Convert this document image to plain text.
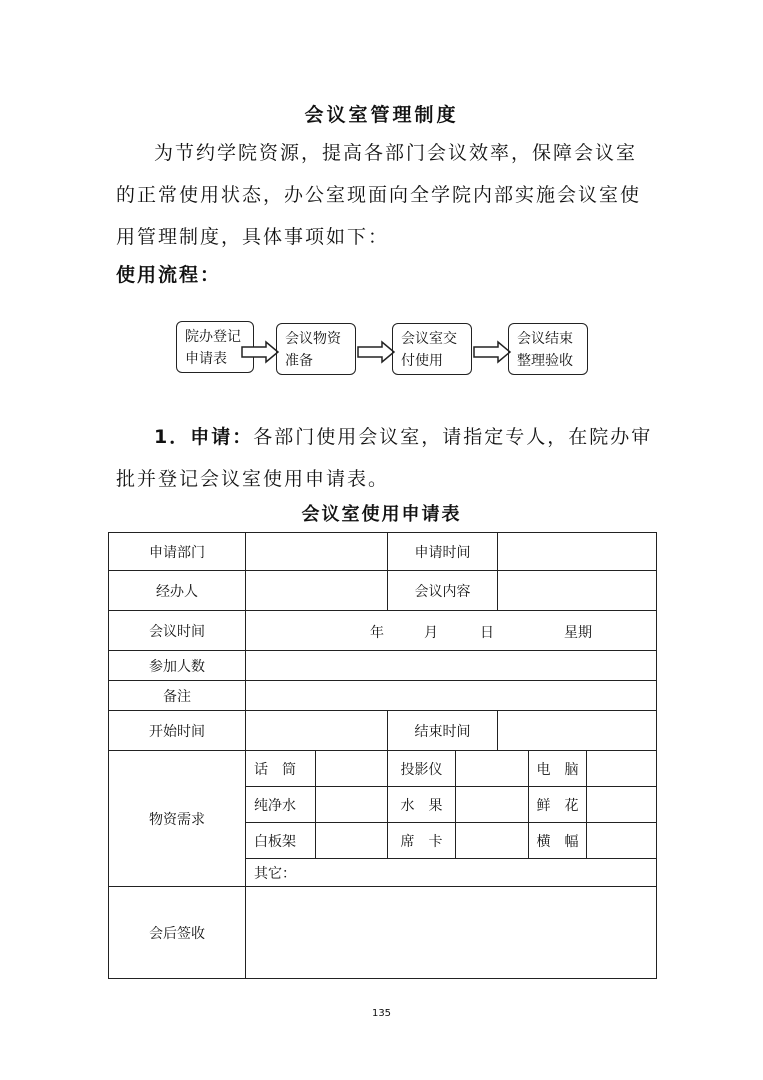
会议室管理制度
为节约学院资源，提高各部门会议效率，保障会议室的正常使用状态，办公室现面向全学院内部实施会议室使用管理制度，具体事项如下：
使用流程：
院办登记
申请表
会议物资
准备
会议室交
付使用
会议结束
整理验收
1．申请：各部门使用会议室，请指定专人，在院办审批并登记会议室使用申请表。
会议室使用申请表
申请部门			申请时间				
经办人			会议内容				
会议时间	年 月 日 星期						

参加人数							
备注							
开始时间			结束时间				
物资需求	话　筒		投影仪			电　脑	
	纯净水		水　果			鲜　花	
	白板架		席　卡			横　幅	
	其它：						
会后签收							
135
